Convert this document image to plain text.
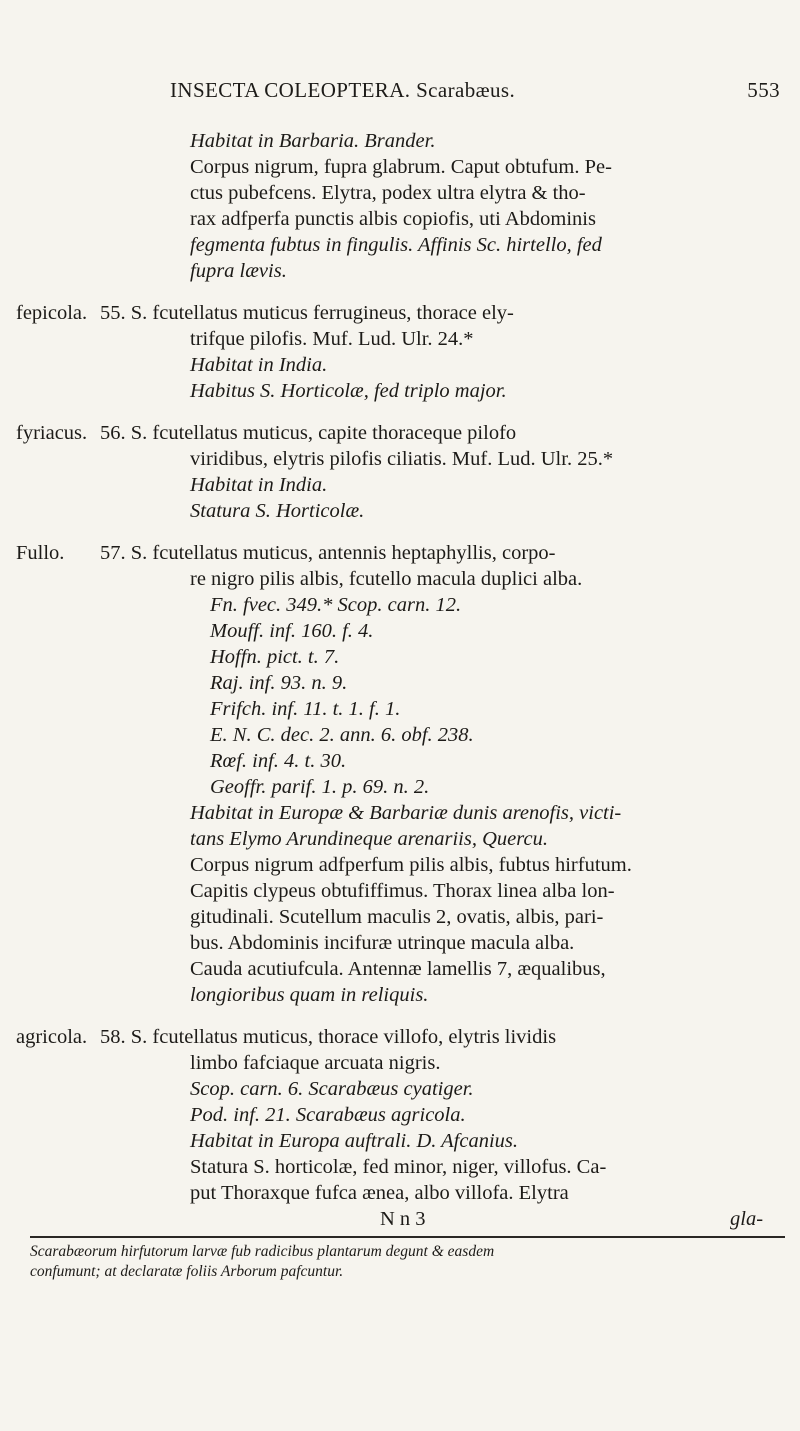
INSECTA COLEOPTERA. Scarabæus.	553
Habitat in Barbaria. Brander.
Corpus nigrum, fupra glabrum. Caput obtufum. Pe-
ctus pubefcens. Elytra, podex ultra elytra & tho-
rax adfperfa punctis albis copiofis, uti Abdominis
fegmenta fubtus in fingulis. Affinis Sc. hirtello, fed
fupra lævis.
fepicola. 55. S. fcutellatus muticus ferrugineus, thorace ely-
trifque pilofis. Muf. Lud. Ulr. 24.*
Habitat in India.
Habitus S. Horticolæ, fed triplo major.
fyriacus. 56. S. fcutellatus muticus, capite thoraceque pilofo
viridibus, elytris pilofis ciliatis. Muf. Lud. Ulr. 25.*
Habitat in India.
Statura S. Horticolæ.
Fullo. 57. S. fcutellatus muticus, antennis heptaphyllis, corpo-
re nigro pilis albis, fcutello macula duplici alba.
Fn. fvec. 349.* Scop. carn. 12.
Mouff. inf. 160. f. 4.
Hoffn. pict. t. 7.
Raj. inf. 93. n. 9.
Frifch. inf. 11. t. 1. f. 1.
E. N. C. dec. 2. ann. 6. obf. 238.
Rœf. inf. 4. t. 30.
Geoffr. parif. 1. p. 69. n. 2.
Habitat in Europæ & Barbariæ dunis arenofis, victi-
tans Elymo Arundineque arenariis, Quercu.
Corpus nigrum adfperfum pilis albis, fubtus hirfutum.
Capitis clypeus obtufiffimus. Thorax linea alba lon-
gitudinali. Scutellum maculis 2, ovatis, albis, pari-
bus. Abdominis incifuræ utrinque macula alba.
Cauda acutiufcula. Antennæ lamellis 7, æqualibus,
longioribus quam in reliquis.
agricola. 58. S. fcutellatus muticus, thorace villofo, elytris lividis
limbo fafciaque arcuata nigris.
Scop. carn. 6. Scarabæus cyatiger.
Pod. inf. 21. Scarabæus agricola.
Habitat in Europa auftrali. D. Afcanius.
Statura S. horticolæ, fed minor, niger, villofus. Ca-
put Thoraxque fufca ænea, albo villofa. Elytra
N n 3	gla-
Scarabæorum hirfutorum larvæ fub radicibus plantarum degunt & easdem
confumunt; at declaratæ foliis Arborum pafcuntur.
